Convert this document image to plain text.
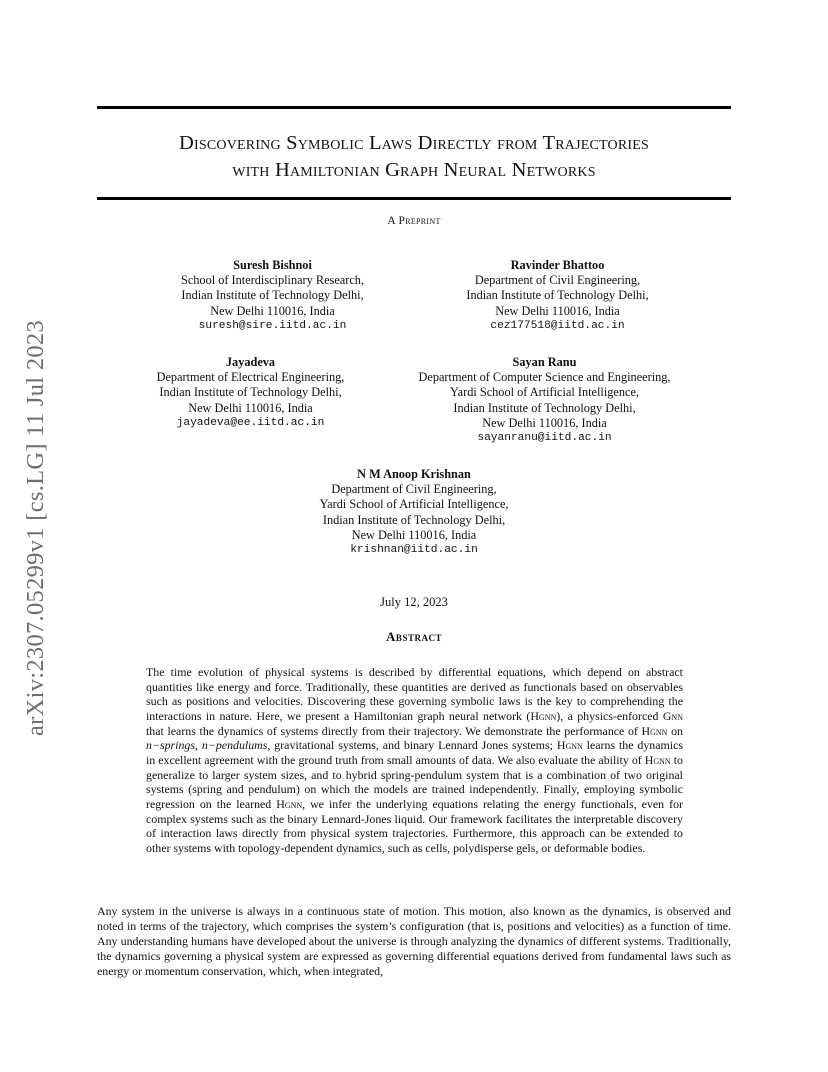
arXiv:2307.05299v1 [cs.LG] 11 Jul 2023
Discovering Symbolic Laws Directly from Trajectories
with Hamiltonian Graph Neural Networks
A Preprint
Suresh Bishnoi
School of Interdisciplinary Research,
Indian Institute of Technology Delhi,
New Delhi 110016, India
suresh@sire.iitd.ac.in
Ravinder Bhattoo
Department of Civil Engineering,
Indian Institute of Technology Delhi,
New Delhi 110016, India
cez177518@iitd.ac.in
Jayadeva
Department of Electrical Engineering,
Indian Institute of Technology Delhi,
New Delhi 110016, India
jayadeva@ee.iitd.ac.in
Sayan Ranu
Department of Computer Science and Engineering,
Yardi School of Artificial Intelligence,
Indian Institute of Technology Delhi,
New Delhi 110016, India
sayanranu@iitd.ac.in
N M Anoop Krishnan
Department of Civil Engineering,
Yardi School of Artificial Intelligence,
Indian Institute of Technology Delhi,
New Delhi 110016, India
krishnan@iitd.ac.in
July 12, 2023
Abstract
The time evolution of physical systems is described by differential equations, which depend on abstract quantities like energy and force. Traditionally, these quantities are derived as functionals based on observables such as positions and velocities. Discovering these governing symbolic laws is the key to comprehending the interactions in nature. Here, we present a Hamiltonian graph neural network (Hgnn), a physics-enforced Gnn that learns the dynamics of systems directly from their trajectory. We demonstrate the performance of Hgnn on n−springs, n−pendulums, gravitational systems, and binary Lennard Jones systems; Hgnn learns the dynamics in excellent agreement with the ground truth from small amounts of data. We also evaluate the ability of Hgnn to generalize to larger system sizes, and to hybrid spring-pendulum system that is a combination of two original systems (spring and pendulum) on which the models are trained independently. Finally, employing symbolic regression on the learned Hgnn, we infer the underlying equations relating the energy functionals, even for complex systems such as the binary Lennard-Jones liquid. Our framework facilitates the interpretable discovery of interaction laws directly from physical system trajectories. Furthermore, this approach can be extended to other systems with topology-dependent dynamics, such as cells, polydisperse gels, or deformable bodies.
Any system in the universe is always in a continuous state of motion. This motion, also known as the dynamics, is observed and noted in terms of the trajectory, which comprises the system’s configuration (that is, positions and velocities) as a function of time. Any understanding humans have developed about the universe is through analyzing the dynamics of different systems. Traditionally, the dynamics governing a physical system are expressed as governing differential equations derived from fundamental laws such as energy or momentum conservation, which, when integrated,
